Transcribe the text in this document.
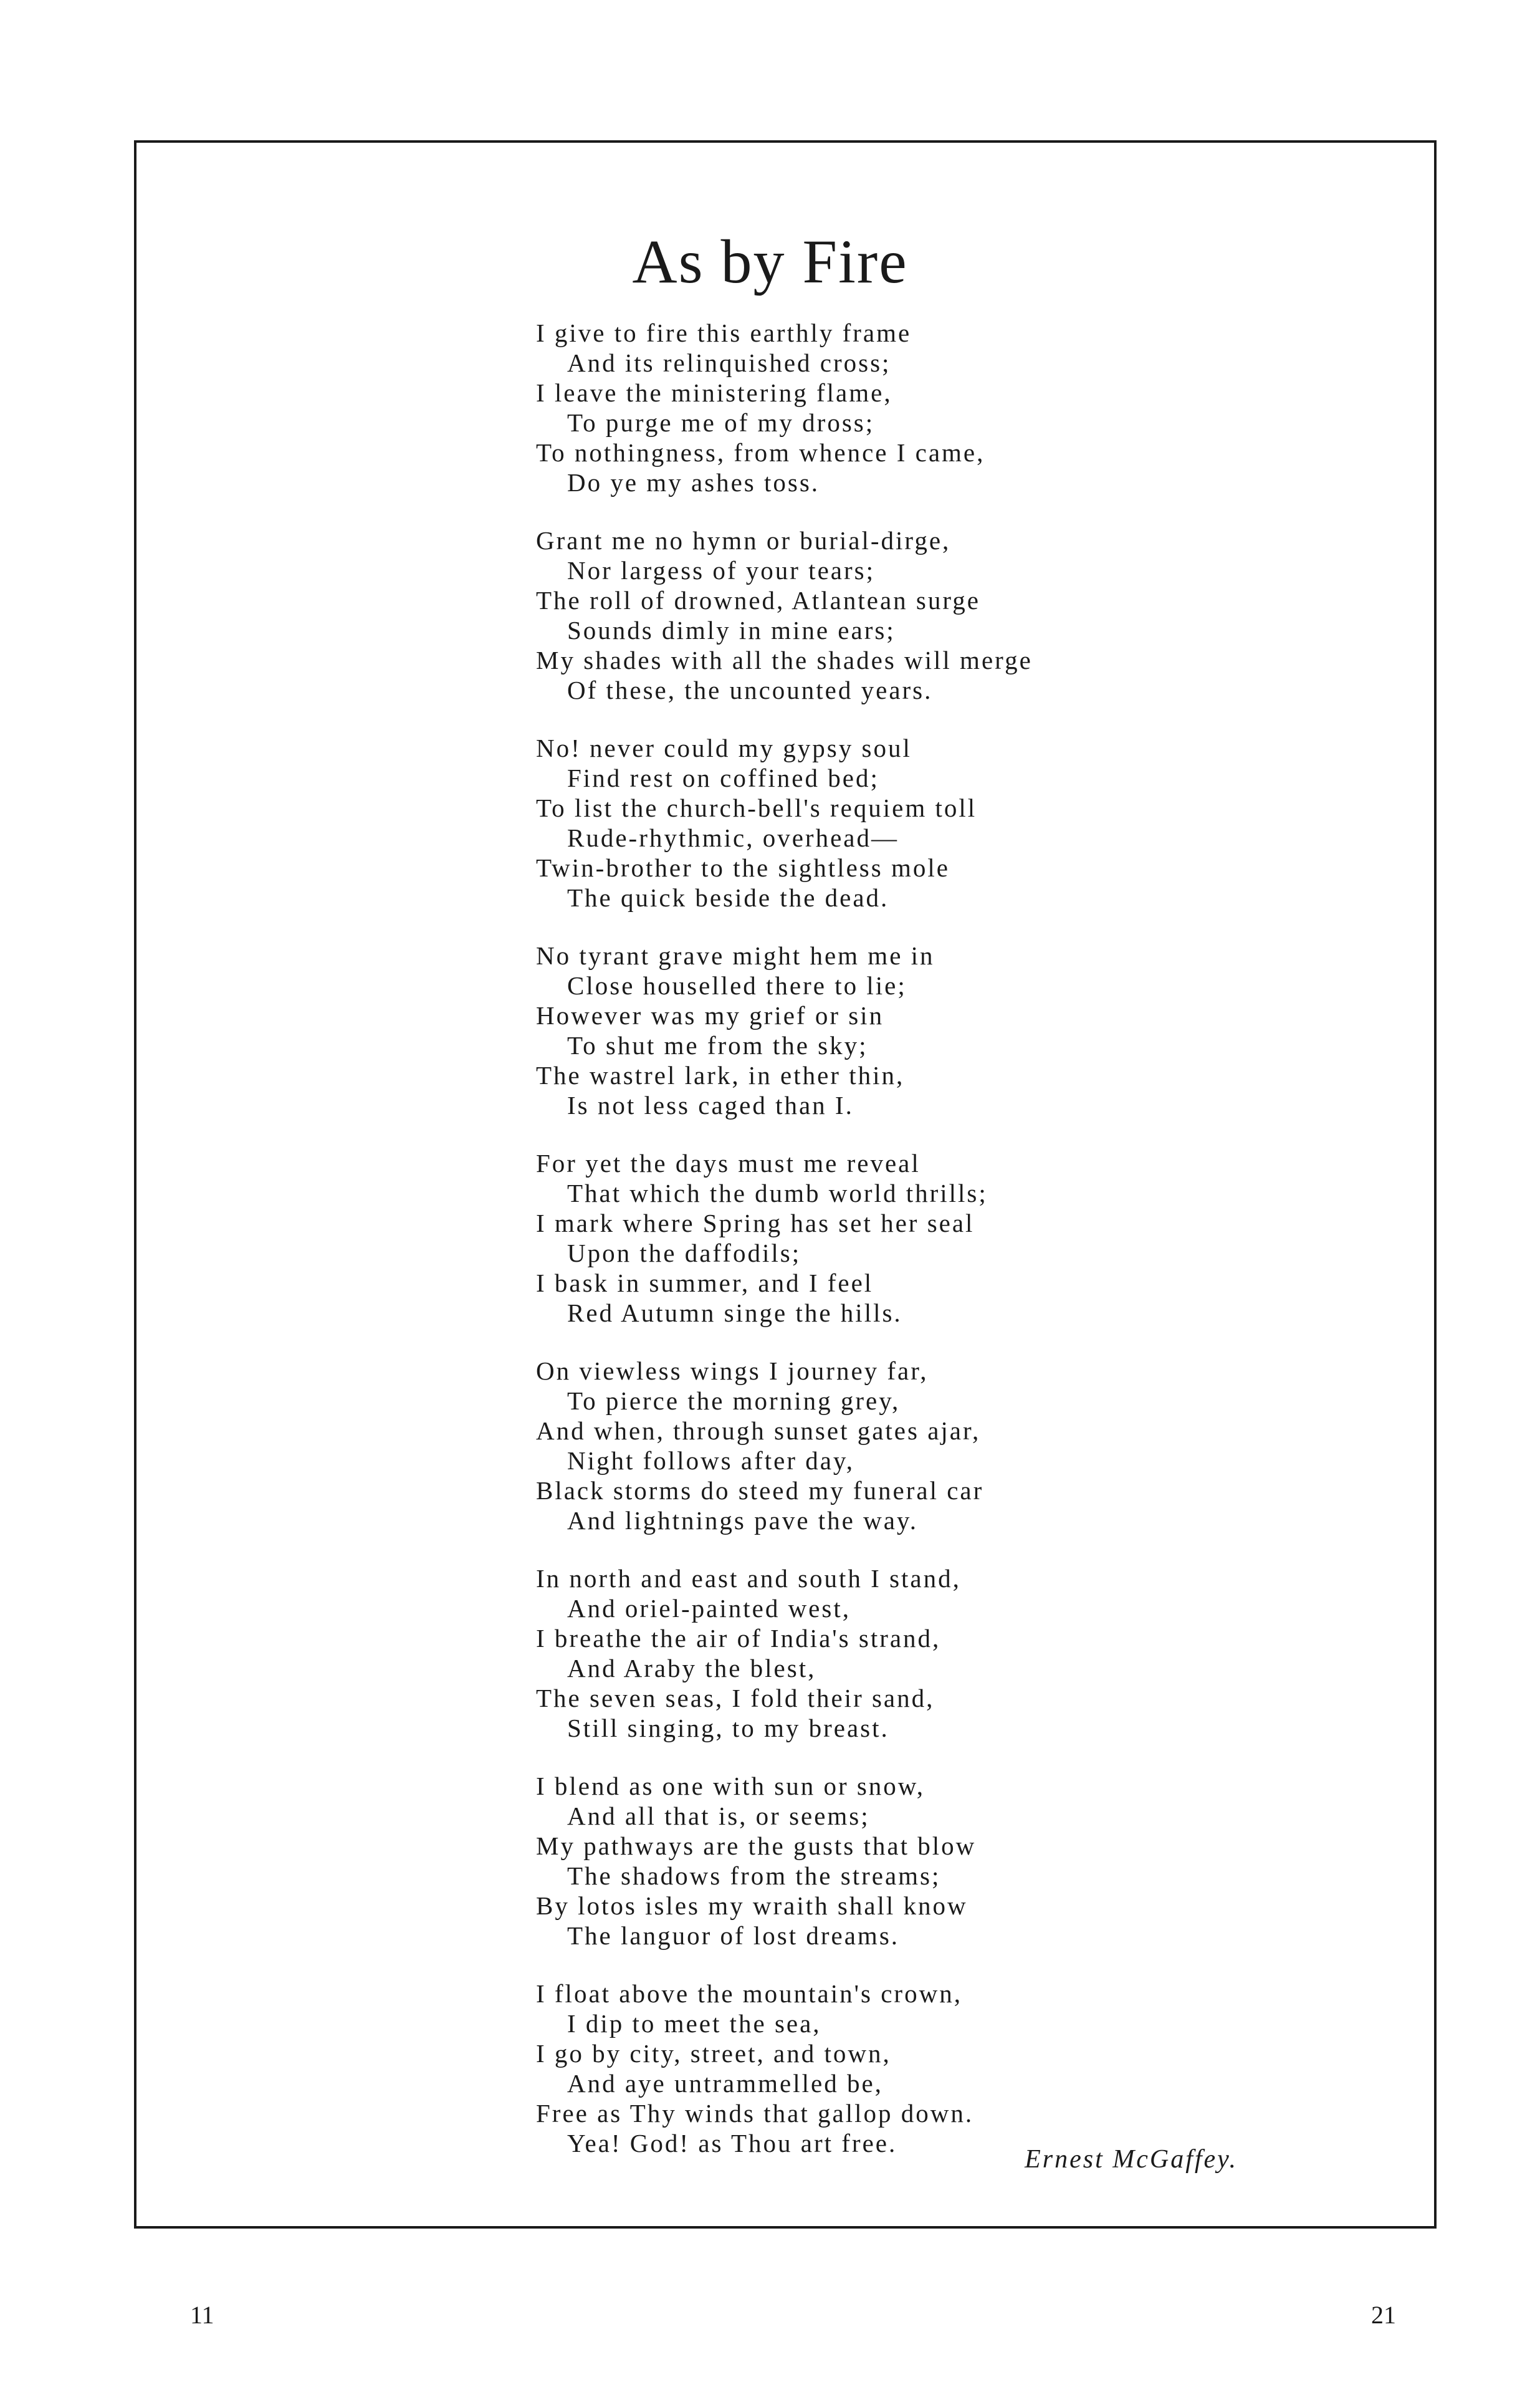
As by Fire
I give to fire this earthly frame
And its relinquished cross;
I leave the ministering flame,
To purge me of my dross;
To nothingness, from whence I came,
Do ye my ashes toss.
Grant me no hymn or burial-dirge,
Nor largess of your tears;
The roll of drowned, Atlantean surge
Sounds dimly in mine ears;
My shades with all the shades will merge
Of these, the uncounted years.
No! never could my gypsy soul
Find rest on coffined bed;
To list the church-bell's requiem toll
Rude-rhythmic, overhead—
Twin-brother to the sightless mole
The quick beside the dead.
No tyrant grave might hem me in
Close houselled there to lie;
However was my grief or sin
To shut me from the sky;
The wastrel lark, in ether thin,
Is not less caged than I.
For yet the days must me reveal
That which the dumb world thrills;
I mark where Spring has set her seal
Upon the daffodils;
I bask in summer, and I feel
Red Autumn singe the hills.
On viewless wings I journey far,
To pierce the morning grey,
And when, through sunset gates ajar,
Night follows after day,
Black storms do steed my funeral car
And lightnings pave the way.
In north and east and south I stand,
And oriel-painted west,
I breathe the air of India's strand,
And Araby the blest,
The seven seas, I fold their sand,
Still singing, to my breast.
I blend as one with sun or snow,
And all that is, or seems;
My pathways are the gusts that blow
The shadows from the streams;
By lotos isles my wraith shall know
The languor of lost dreams.
I float above the mountain's crown,
I dip to meet the sea,
I go by city, street, and town,
And aye untrammelled be,
Free as Thy winds that gallop down.
Yea! God! as Thou art free.
Ernest McGaffey.
11	21
